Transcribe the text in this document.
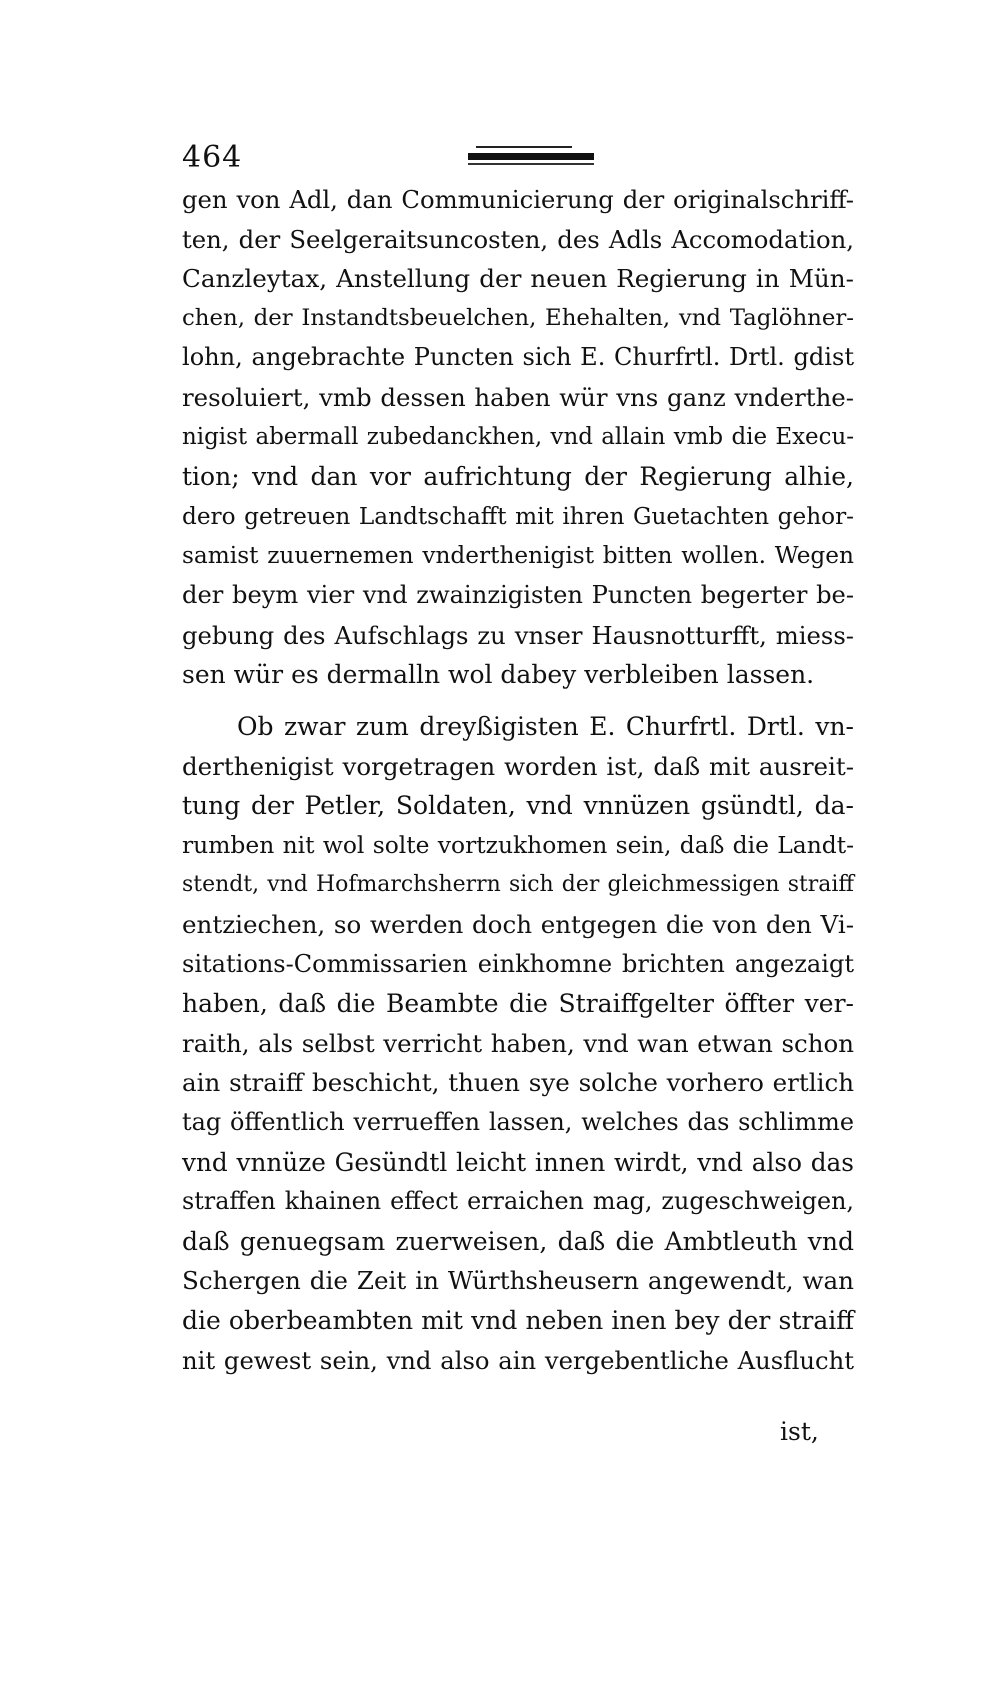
464
gen von Adl, dan Communicierung der originalschriff-
ten, der Seelgeraitsuncosten, des Adls Accomodation,
Canzleytax, Anstellung der neuen Regierung in Mün-
chen, der Instandtsbeuelchen, Ehehalten, vnd Taglöhner-
lohn, angebrachte Puncten sich E. Churfrtl. Drtl. gdist
resoluiert, vmb dessen haben wür vns ganz vnderthe-
nigist abermall zubedanckhen, vnd allain vmb die Execu-
tion; vnd dan vor aufrichtung der Regierung alhie,
dero getreuen Landtschafft mit ihren Guetachten gehor-
samist zuuernemen vnderthenigist bitten wollen. Wegen
der beym vier vnd zwainzigisten Puncten begerter be-
gebung des Aufschlags zu vnser Hausnotturfft, miess-
sen wür es dermalln wol dabey verbleiben lassen.
Ob zwar zum dreyßigisten E. Churfrtl. Drtl. vn-
derthenigist vorgetragen worden ist, daß mit ausreit-
tung der Petler, Soldaten, vnd vnnüzen gsündtl, da-
rumben nit wol solte vortzukhomen sein, daß die Landt-
stendt, vnd Hofmarchsherrn sich der gleichmessigen straiff
entziechen, so werden doch entgegen die von den Vi-
sitations-Commissarien einkhomne brichten angezaigt
haben, daß die Beambte die Straiffgelter öffter ver-
raith, als selbst verricht haben, vnd wan etwan schon
ain straiff beschicht, thuen sye solche vorhero ertlich
tag öffentlich verrueffen lassen, welches das schlimme
vnd vnnüze Gesündtl leicht innen wirdt, vnd also das
straffen khainen effect erraichen mag, zugeschweigen,
daß genuegsam zuerweisen, daß die Ambtleuth vnd
Schergen die Zeit in Würthsheusern angewendt, wan
die oberbeambten mit vnd neben inen bey der straiff
nit gewest sein, vnd also ain vergebentliche Ausflucht
ist,
